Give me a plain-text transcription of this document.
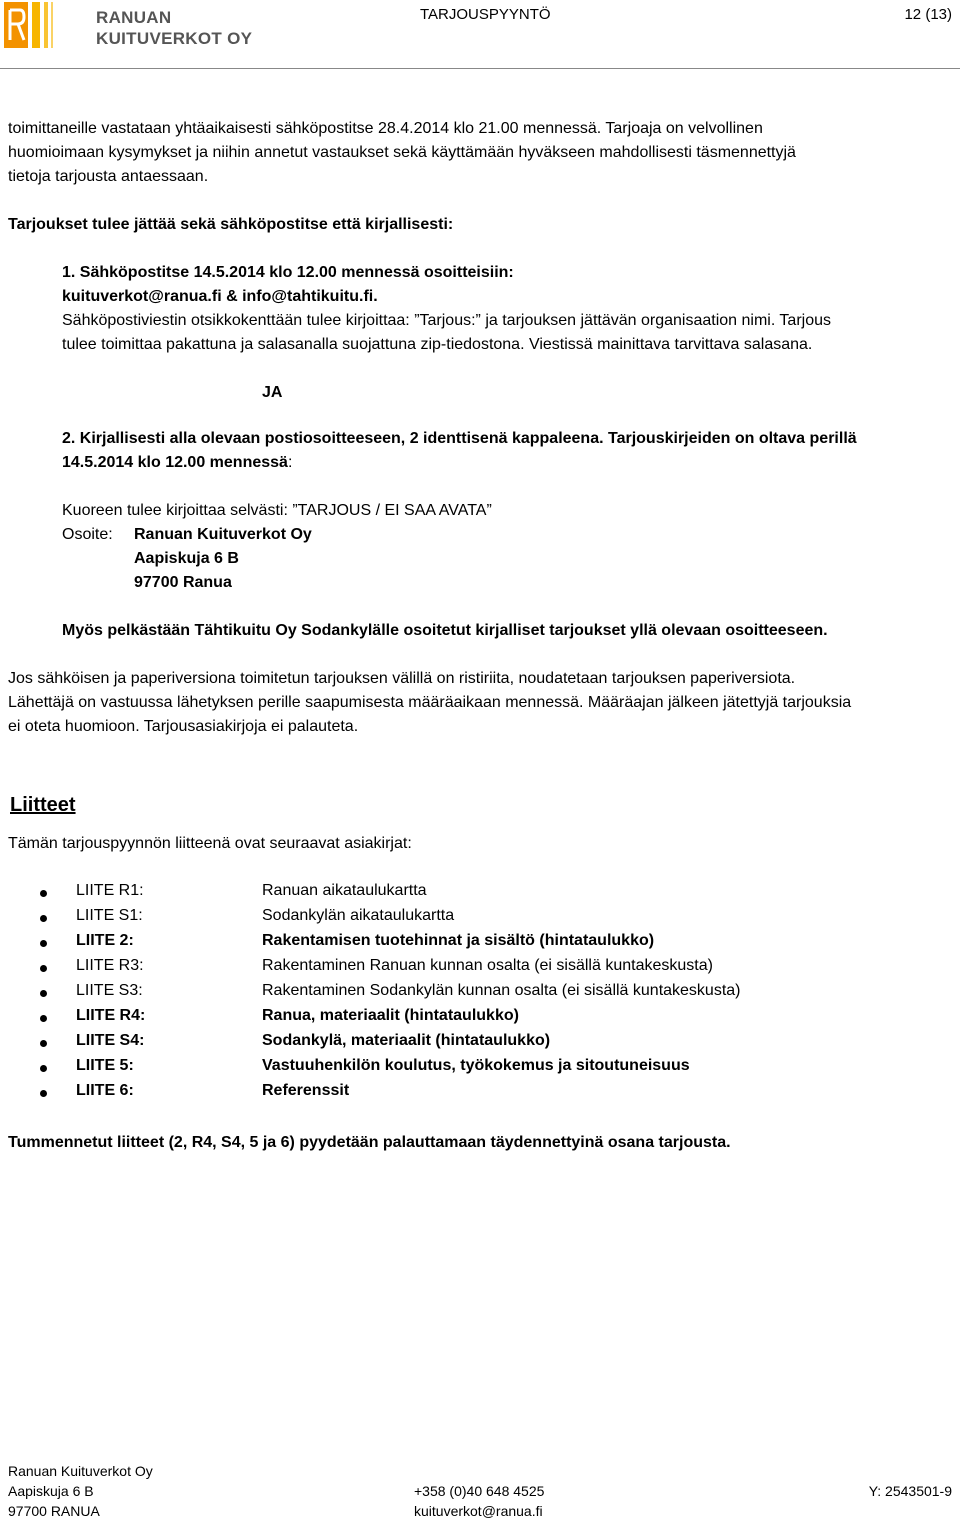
RANUAN
KUITUVERKOT OY
TARJOUSPYYNTÖ	12 (13)
toimittaneille vastataan yhtäaikaisesti sähköpostitse 28.4.2014 klo 21.00 mennessä. Tarjoaja on velvollinen
huomioimaan kysymykset ja niihin annetut vastaukset sekä käyttämään hyväkseen mahdollisesti täsmennettyjä
tietoja tarjousta antaessaan.
Tarjoukset tulee jättää sekä sähköpostitse että kirjallisesti:
1. Sähköpostitse 14.5.2014 klo 12.00 mennessä osoitteisiin:
kuituverkot@ranua.fi & info@tahtikuitu.fi.
Sähköpostiviestin otsikkokenttään tulee kirjoittaa: ”Tarjous:” ja tarjouksen jättävän organisaation nimi. Tarjous
tulee toimittaa pakattuna ja salasanalla suojattuna zip-tiedostona. Viestissä mainittava tarvittava salasana.
JA
2. Kirjallisesti alla olevaan postiosoitteeseen, 2 identtisenä kappaleena. Tarjouskirjeiden on oltava perillä
14.5.2014 klo 12.00 mennessä:
Kuoreen tulee kirjoittaa selvästi: ”TARJOUS / EI SAA AVATA”
Osoite: Ranuan Kuituverkot Oy
Aapiskuja 6 B
97700 Ranua
Myös pelkästään Tähtikuitu Oy Sodankylälle osoitetut kirjalliset tarjoukset yllä olevaan osoitteeseen.
Jos sähköisen ja paperiversiona toimitetun tarjouksen välillä on ristiriita, noudatetaan tarjouksen paperiversiota.
Lähettäjä on vastuussa lähetyksen perille saapumisesta määräaikaan mennessä. Määräajan jälkeen jätettyjä tarjouksia
ei oteta huomioon. Tarjousasiakirjoja ei palauteta.
Liitteet
Tämän tarjouspyynnön liitteenä ovat seuraavat asiakirjat:
LIITE R1:	Ranuan aikataulukartta
LIITE S1:	Sodankylän aikataulukartta
LIITE 2:	Rakentamisen tuotehinnat ja sisältö (hintataulukko)
LIITE R3:	Rakentaminen Ranuan kunnan osalta (ei sisällä kuntakeskusta)
LIITE S3:	Rakentaminen Sodankylän kunnan osalta (ei sisällä kuntakeskusta)
LIITE R4:	Ranua, materiaalit (hintataulukko)
LIITE S4:	Sodankylä, materiaalit (hintataulukko)
LIITE 5:	Vastuuhenkilön koulutus, työkokemus ja sitoutuneisuus
LIITE 6:	Referenssit
Tummennetut liitteet (2, R4, S4, 5 ja 6) pyydetään palauttamaan täydennettyinä osana tarjousta.
Ranuan Kuituverkot Oy
Aapiskuja 6 B
97700 RANUA
+358 (0)40 648 4525
kuituverkot@ranua.fi
Y: 2543501-9
